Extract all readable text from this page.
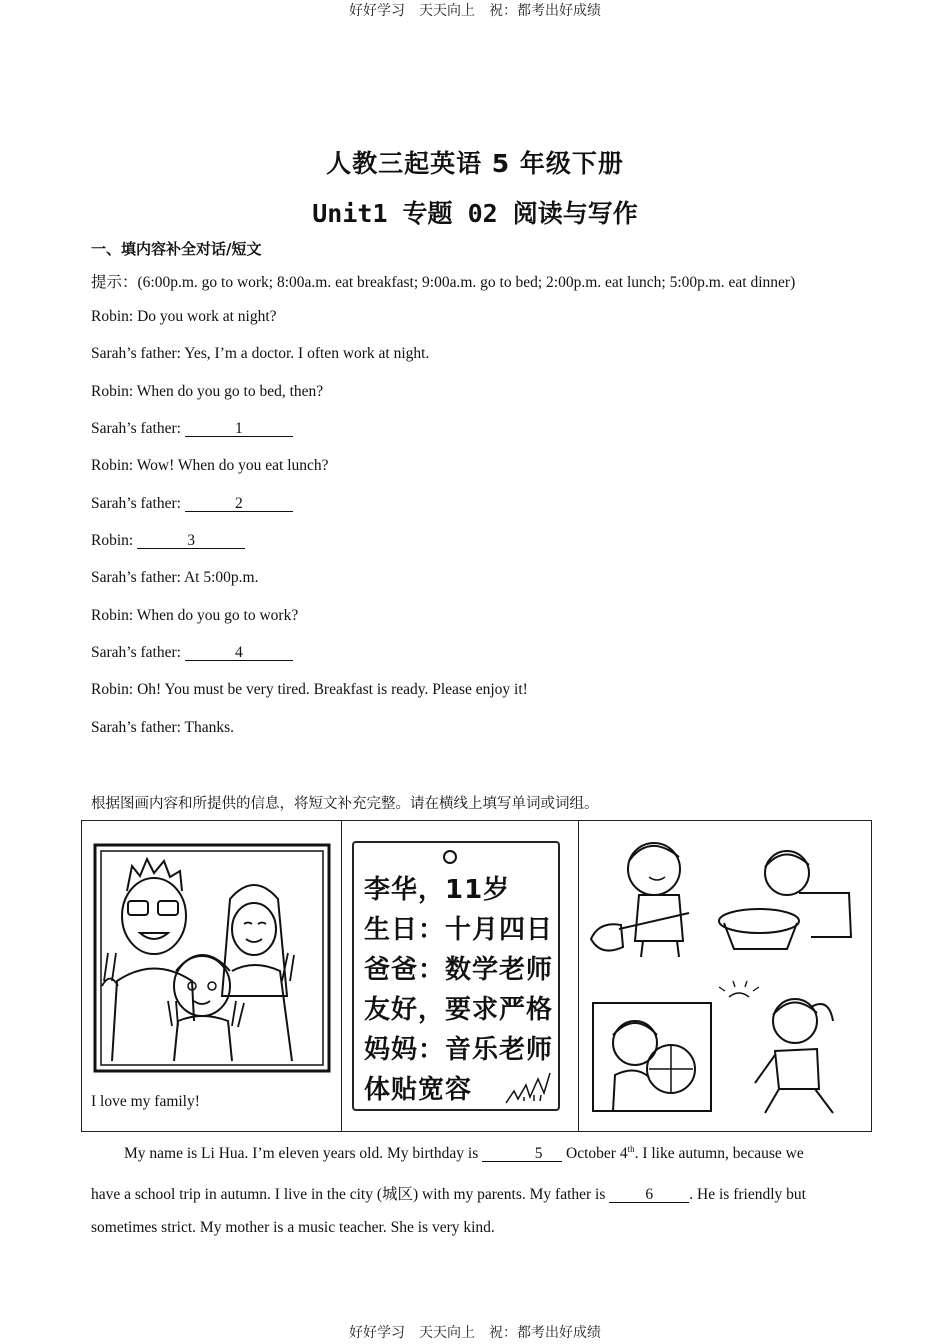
好好学习　天天向上　祝：都考出好成绩
人教三起英语 5 年级下册
Unit1 专题 02 阅读与写作
一、填内容补全对话/短文
提示：(6:00p.m. go to work; 8:00a.m. eat breakfast; 9:00a.m. go to bed; 2:00p.m. eat lunch; 5:00p.m. eat dinner)
Robin: Do you work at night?
Sarah’s father: Yes, I’m a doctor. I often work at night.
Robin: When do you go to bed, then?
Sarah’s father:	1
Robin: Wow! When do you eat lunch?
Sarah’s father:	2
Robin:	3
Sarah’s father: At 5:00p.m.
Robin: When do you go to work?
Sarah’s father:	4
Robin: Oh! You must be very tired. Breakfast is ready. Please enjoy it!
Sarah’s father: Thanks.
根据图画内容和所提供的信息，将短文补充完整。请在横线上填写单词或词组。
I love my family!
李华，11岁
生日：十月四日
爸爸：数学老师
友好，要求严格
妈妈：音乐老师
体贴宽容
My name is Li Hua. I’m eleven years old. My birthday is	5 October 4th. I like autumn, because we
have a school trip in autumn. I live in the city (城区) with my parents. My father is 6 . He is friendly but
sometimes strict. My mother is a music teacher. She is very kind.
好好学习　天天向上　祝：都考出好成绩
